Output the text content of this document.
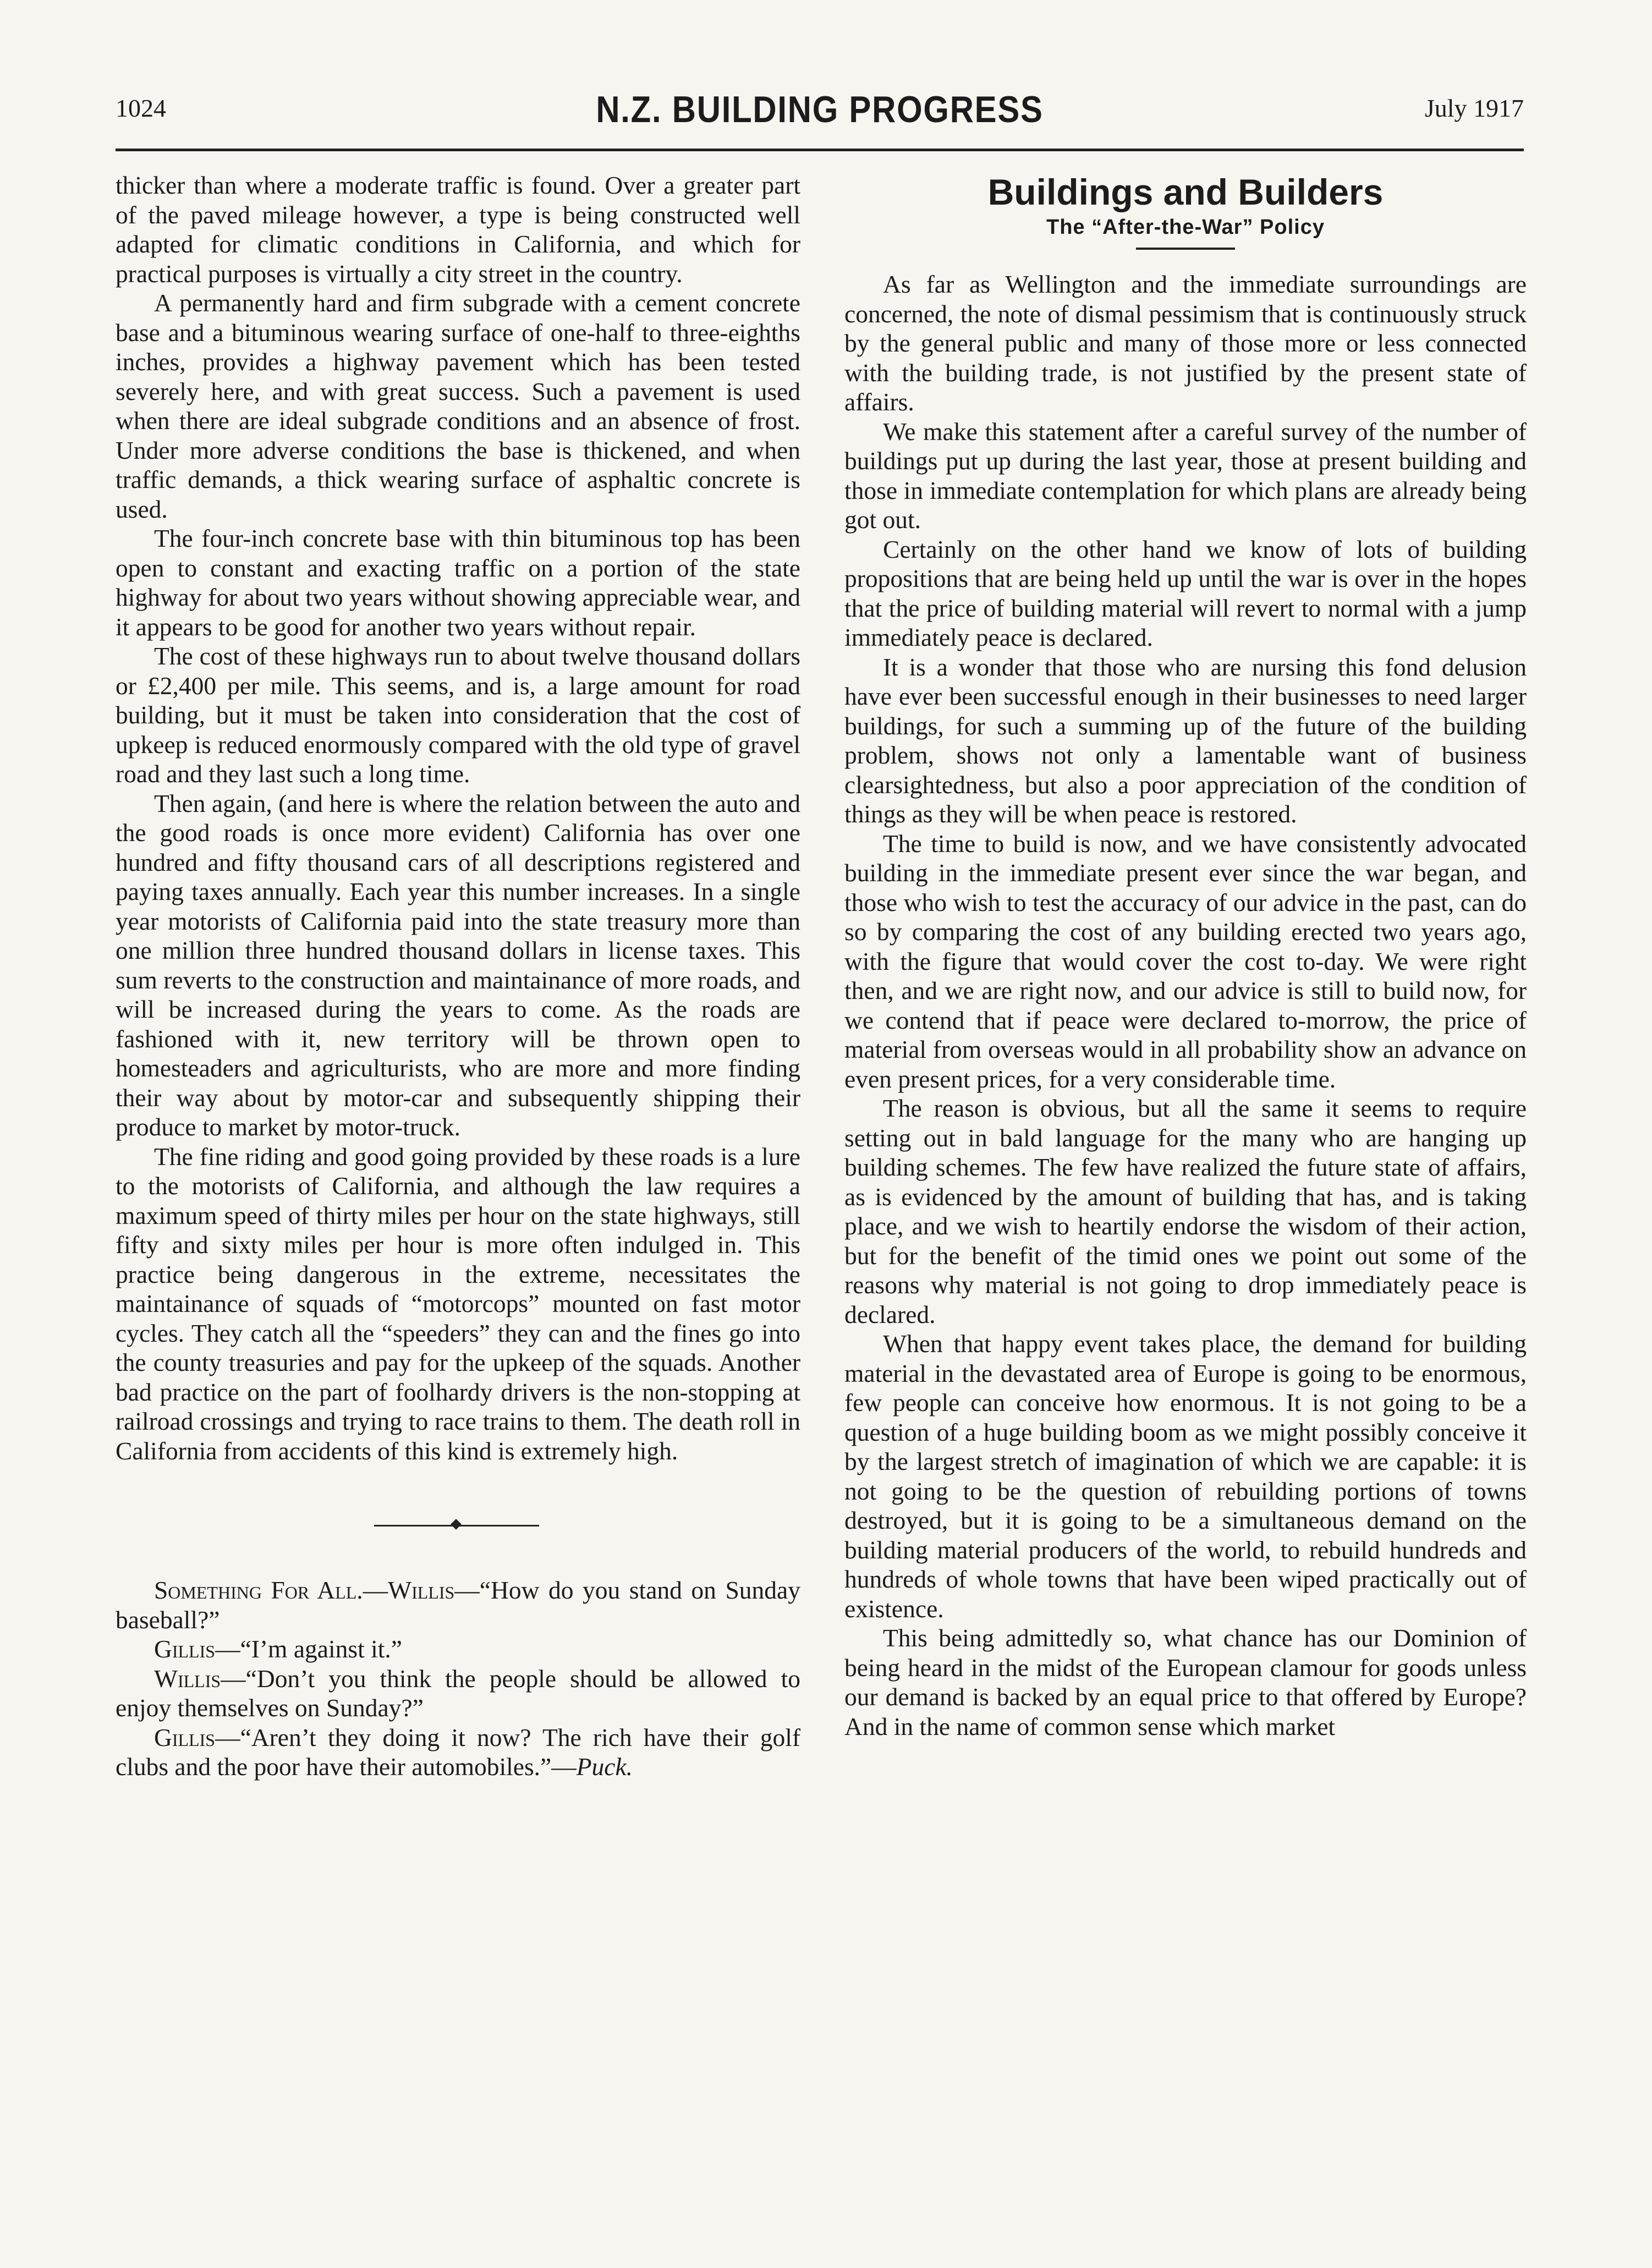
1024	N.Z. BUILDING PROGRESS	July 1917

thicker than where a moderate traffic is found. Over a greater part of the paved mileage however, a type is being constructed well adapted for climatic conditions in California, and which for practical purposes is virtually a city street in the country.

A permanently hard and firm subgrade with a cement concrete base and a bituminous wearing surface of one-half to three-eighths inches, provides a highway pavement which has been tested severely here, and with great success. Such a pavement is used when there are ideal subgrade conditions and an absence of frost. Under more adverse conditions the base is thickened, and when traffic demands, a thick wearing surface of asphaltic concrete is used.

The four-inch concrete base with thin bituminous top has been open to constant and exacting traffic on a portion of the state highway for about two years without showing appreciable wear, and it appears to be good for another two years without repair.

The cost of these highways run to about twelve thousand dollars or £2,400 per mile. This seems, and is, a large amount for road building, but it must be taken into consideration that the cost of upkeep is reduced enormously compared with the old type of gravel road and they last such a long time.

Then again, (and here is where the relation between the auto and the good roads is once more evident) California has over one hundred and fifty thousand cars of all descriptions registered and paying taxes annually. Each year this number increases. In a single year motorists of California paid into the state treasury more than one million three hundred thousand dollars in license taxes. This sum reverts to the construction and maintainance of more roads, and will be increased during the years to come. As the roads are fashioned with it, new territory will be thrown open to homesteaders and agriculturists, who are more and more finding their way about by motor-car and subsequently shipping their produce to market by motor-truck.

The fine riding and good going provided by these roads is a lure to the motorists of California, and although the law requires a maximum speed of thirty miles per hour on the state highways, still fifty and sixty miles per hour is more often indulged in. This practice being dangerous in the extreme, necessitates the maintainance of squads of “motorcops” mounted on fast motor cycles. They catch all the “speeders” they can and the fines go into the county treasuries and pay for the upkeep of the squads. Another bad practice on the part of foolhardy drivers is the non-stopping at railroad crossings and trying to race trains to them. The death roll in California from accidents of this kind is extremely high.

Something For All.—Willis—“How do you stand on Sunday baseball?”

Gillis—“I’m against it.”

Willis—“Don’t you think the people should be allowed to enjoy themselves on Sunday?”

Gillis—“Aren’t they doing it now? The rich have their golf clubs and the poor have their automobiles.”—Puck.

Buildings and Builders
The “After-the-War” Policy

As far as Wellington and the immediate surroundings are concerned, the note of dismal pessimism that is continuously struck by the general public and many of those more or less connected with the building trade, is not justified by the present state of affairs.

We make this statement after a careful survey of the number of buildings put up during the last year, those at present building and those in immediate contemplation for which plans are already being got out.

Certainly on the other hand we know of lots of building propositions that are being held up until the war is over in the hopes that the price of building material will revert to normal with a jump immediately peace is declared.

It is a wonder that those who are nursing this fond delusion have ever been successful enough in their businesses to need larger buildings, for such a summing up of the future of the building problem, shows not only a lamentable want of business clearsightedness, but also a poor appreciation of the condition of things as they will be when peace is restored.

The time to build is now, and we have consistently advocated building in the immediate present ever since the war began, and those who wish to test the accuracy of our advice in the past, can do so by comparing the cost of any building erected two years ago, with the figure that would cover the cost to-day. We were right then, and we are right now, and our advice is still to build now, for we contend that if peace were declared to-morrow, the price of material from overseas would in all probability show an advance on even present prices, for a very considerable time.

The reason is obvious, but all the same it seems to require setting out in bald language for the many who are hanging up building schemes. The few have realized the future state of affairs, as is evidenced by the amount of building that has, and is taking place, and we wish to heartily endorse the wisdom of their action, but for the benefit of the timid ones we point out some of the reasons why material is not going to drop immediately peace is declared.

When that happy event takes place, the demand for building material in the devastated area of Europe is going to be enormous, few people can conceive how enormous. It is not going to be a question of a huge building boom as we might possibly conceive it by the largest stretch of imagination of which we are capable: it is not going to be the question of rebuilding portions of towns destroyed, but it is going to be a simultaneous demand on the building material producers of the world, to rebuild hundreds and hundreds of whole towns that have been wiped practically out of existence.

This being admittedly so, what chance has our Dominion of being heard in the midst of the European clamour for goods unless our demand is backed by an equal price to that offered by Europe? And in the name of common sense which market
